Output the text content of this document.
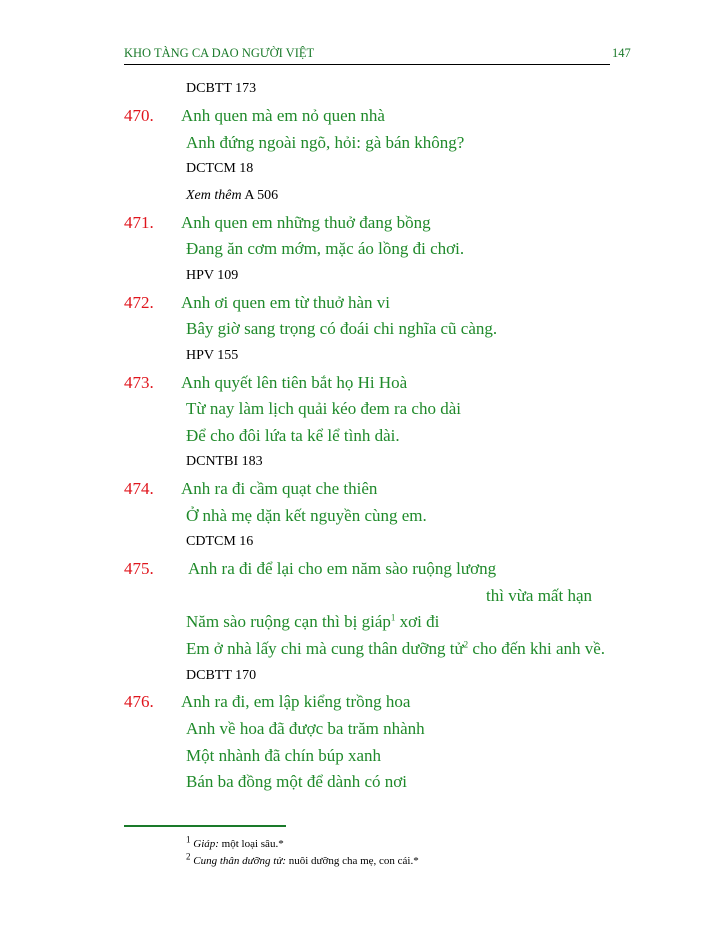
KHO TÀNG CA DAO NGƯỜI VIỆT	147
DCBTT 173
470. Anh quen mà em nỏ quen nhà
Anh đứng ngoài ngõ, hỏi: gà bán không?
DCTCM 18
Xem thêm A 506
471. Anh quen em những thuở đang bồng
Đang ăn cơm mớm, mặc áo lồng đi chơi.
HPV 109
472. Anh ơi quen em từ thuở hàn vi
Bây giờ sang trọng có đoái chi nghĩa cũ càng.
HPV 155
473. Anh quyết lên tiên bắt họ Hi Hoà
Từ nay làm lịch quải kéo đem ra cho dài
Để cho đôi lứa ta kể lể tình dài.
DCNTBI 183
474. Anh ra đi cầm quạt che thiên
Ở nhà mẹ dặn kết nguyền cùng em.
CDTCM 16
475. Anh ra đi để lại cho em năm sào ruộng lương
thì vừa mất hạn
Năm sào ruộng cạn thì bị giáp$^1$ xơi đi
Em ở nhà lấy chi mà cung thân dưỡng tử$^2$ cho đến khi anh về.
DCBTT 170
476. Anh ra đi, em lập kiểng trồng hoa
Anh về hoa đã được ba trăm nhành
Một nhành đã chín búp xanh
Bán ba đồng một để dành có nơi
$^1$ Giáp: một loại sâu.*
$^2$ Cung thân dưỡng tử: nuôi dưỡng cha mẹ, con cái.*
